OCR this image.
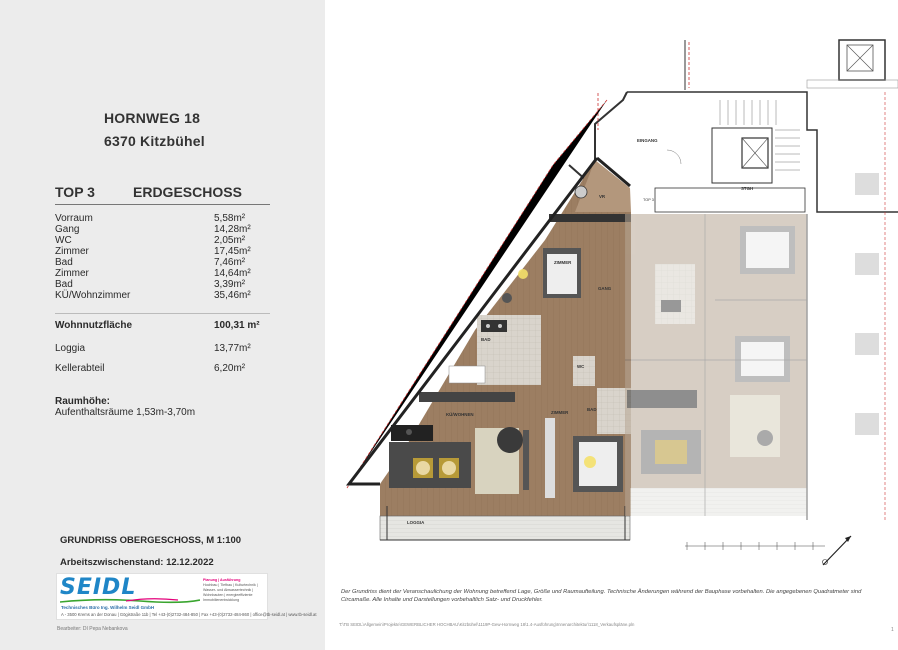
HORNWEG 18
6370 Kitzbühel
TOP 3	ERDGESCHOSS
Vorraum	5,58m²
Gang	14,28m²
WC	2,05m²
Zimmer	17,45m²
Bad	7,46m²
Zimmer	14,64m²
Bad	3,39m²
KÜ/Wohnzimmer	35,46m²
Wohnnutzfläche	100,31 m²
Loggia	13,77m²
Kellerabteil	6,20m²
Raumhöhe:
Aufenthaltsräume 1,53m-3,70m
GRUNDRISS OBERGESCHOSS, M 1:100
Arbeitszwischenstand: 12.12.2022
SEIDL
Technisches Büro Ing. Wilhelm Seidl GmbH
A - 3500 Krems an der Donau | Gögistraße 11b | Tel +43-(0)2732-484-850 | Fax +43-(0)2732-484-860 | office@tb-seidl.at | www.tb-seidl.at
Planung | Ausführung
Hochbau | Tiefbau | Kulturtechnik | Wasser- und Abwassertechnik | Wohnbauten | energieeffiziente Immobilienentwicklung
Bearbeiter: DI Pepa Nebankova
EINGANG
STGH
TOP 3
VR
ZIMMER
GANG
BAD
WC
BAD
KÜ/WOHNEN	ZIMMER
LOGGIA
Der Grundriss dient der Veranschaulichung der Wohnung betreffend Lage, Größe und Raumaufteilung. Technische Änderungen während der Bauphase vorbehalten. Die angegebenen Quadratmeter sind Circamaße. Alle Inhalte und Darstellungen vorbehaltlich Satz- und Druckfehler.
T:\TB SEIDL\Allgemein\Projekte\GEWERBLICHER HOCHBAU\Kitzbühel\1119P-Gew-Hornweg 18\1.4-Ausführung\Innenarchitektur\1118_Verkaufspläne.pln
1
